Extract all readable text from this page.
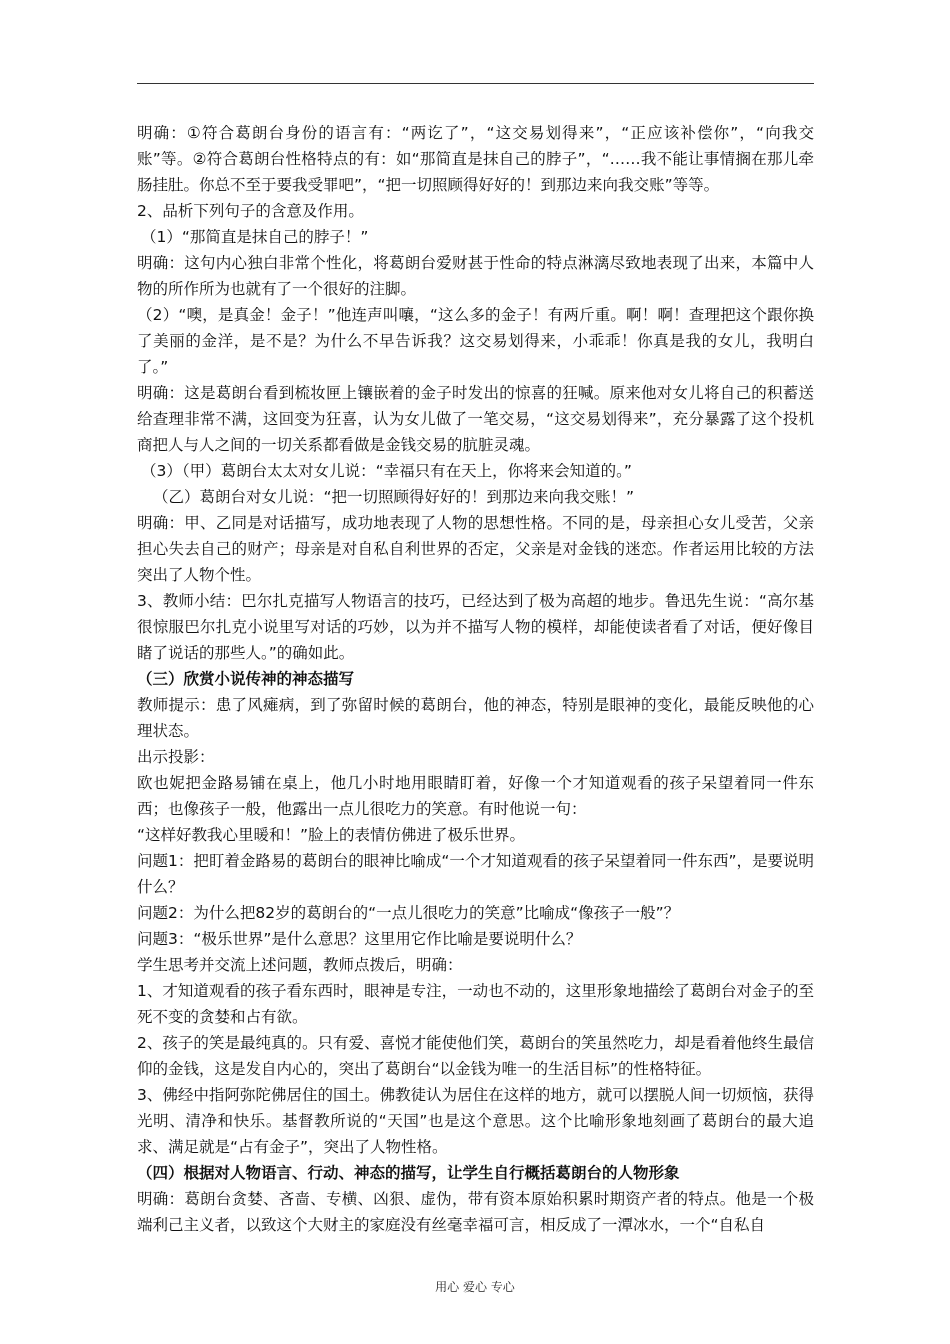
明确：①符合葛朗台身份的语言有：“两讫了”，“这交易划得来”，“正应该补偿你”，“向我交账”等。②符合葛朗台性格特点的有：如“那简直是抹自己的脖子”，“……我不能让事情搁在那儿牵肠挂肚。你总不至于要我受罪吧”，“把一切照顾得好好的！到那边来向我交账”等等。

2、品析下列句子的含意及作用。

（1）“那简直是抹自己的脖子！”

明确：这句内心独白非常个性化，将葛朗台爱财甚于性命的特点淋漓尽致地表现了出来，本篇中人物的所作所为也就有了一个很好的注脚。

（2）“噢，是真金！金子！”他连声叫嚷，“这么多的金子！有两斤重。啊！啊！查理把这个跟你换了美丽的金洋，是不是？为什么不早告诉我？这交易划得来，小乖乖！你真是我的女儿，我明白了。”

明确：这是葛朗台看到梳妆匣上镶嵌着的金子时发出的惊喜的狂喊。原来他对女儿将自己的积蓄送给查理非常不满，这回变为狂喜，认为女儿做了一笔交易，“这交易划得来”，充分暴露了这个投机商把人与人之间的一切关系都看做是金钱交易的肮脏灵魂。

（3）（甲）葛朗台太太对女儿说：“幸福只有在天上，你将来会知道的。”

（乙）葛朗台对女儿说：“把一切照顾得好好的！到那边来向我交账！”

明确：甲、乙同是对话描写，成功地表现了人物的思想性格。不同的是，母亲担心女儿受苦，父亲担心失去自己的财产；母亲是对自私自利世界的否定，父亲是对金钱的迷恋。作者运用比较的方法突出了人物个性。

3、教师小结：巴尔扎克描写人物语言的技巧，已经达到了极为高超的地步。鲁迅先生说：“高尔基很惊服巴尔扎克小说里写对话的巧妙，以为并不描写人物的模样，却能使读者看了对话，便好像目睹了说话的那些人。”的确如此。

（三）欣赏小说传神的神态描写

教师提示：患了风瘫病，到了弥留时候的葛朗台，他的神态，特别是眼神的变化，最能反映他的心理状态。

出示投影：

欧也妮把金路易铺在桌上，他几小时地用眼睛盯着，好像一个才知道观看的孩子呆望着同一件东西；也像孩子一般，他露出一点儿很吃力的笑意。有时他说一句：

“这样好教我心里暖和！”脸上的表情仿佛进了极乐世界。

问题1：把盯着金路易的葛朗台的眼神比喻成“一个才知道观看的孩子呆望着同一件东西”，是要说明什么？

问题2：为什么把82岁的葛朗台的“一点儿很吃力的笑意”比喻成“像孩子一般”？

问题3：“极乐世界”是什么意思？这里用它作比喻是要说明什么？

学生思考并交流上述问题，教师点拨后，明确：

1、才知道观看的孩子看东西时，眼神是专注，一动也不动的，这里形象地描绘了葛朗台对金子的至死不变的贪婪和占有欲。

2、孩子的笑是最纯真的。只有爱、喜悦才能使他们笑，葛朗台的笑虽然吃力，却是看着他终生最信仰的金钱，这是发自内心的，突出了葛朗台“以金钱为唯一的生活目标”的性格特征。

3、佛经中指阿弥陀佛居住的国土。佛教徒认为居住在这样的地方，就可以摆脱人间一切烦恼，获得光明、清净和快乐。基督教所说的“天国”也是这个意思。这个比喻形象地刻画了葛朗台的最大追求、满足就是“占有金子”，突出了人物性格。

（四）根据对人物语言、行动、神态的描写，让学生自行概括葛朗台的人物形象

明确：葛朗台贪婪、吝啬、专横、凶狠、虚伪，带有资本原始积累时期资产者的特点。他是一个极端利己主义者，以致这个大财主的家庭没有丝毫幸福可言，相反成了一潭冰水，一个“自私自

用心 爱心 专心
